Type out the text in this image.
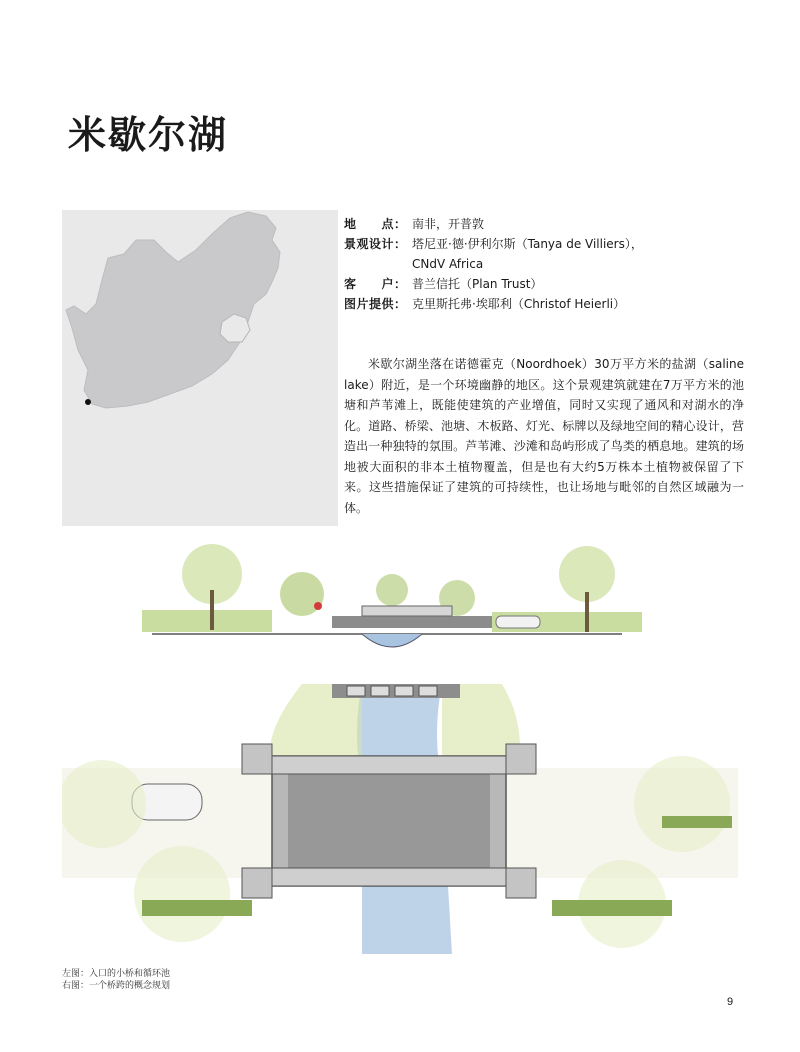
米歇尔湖
地　　点： 南非，开普敦
景观设计： 塔尼亚·德·伊利尔斯（Tanya de Villiers），
CNdV Africa
客　　户： 普兰信托（Plan Trust）
图片提供： 克里斯托弗·埃耶利（Christof Heierli）

米歇尔湖坐落在诺德霍克（Noordhoek）30万平方米的盐湖（saline lake）附近，是一个环境幽静的地区。这个景观建筑就建在7万平方米的池塘和芦苇滩上，既能使建筑的产业增值，同时又实现了通风和对湖水的净化。道路、桥梁、池塘、木板路、灯光、标牌以及绿地空间的精心设计，营造出一种独特的氛围。芦苇滩、沙滩和岛屿形成了鸟类的栖息地。建筑的场地被大面积的非本土植物覆盖，但是也有大约5万株本土植物被保留了下来。这些措施保证了建筑的可持续性，也让场地与毗邻的自然区域融为一体。

左图：入口的小桥和循环池
右图：一个桥跨的概念规划
9
